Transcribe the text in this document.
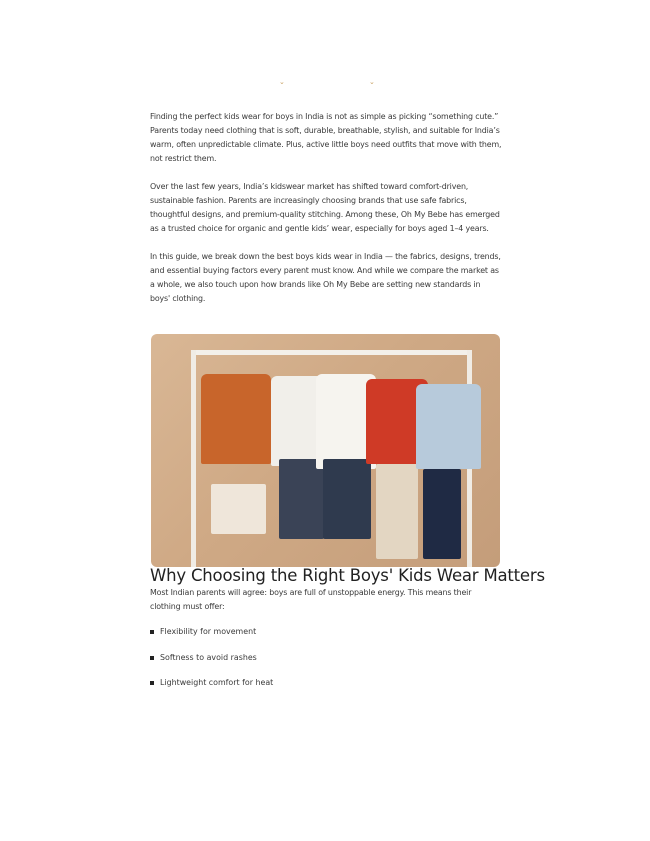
⌄	⌄

Finding the perfect kids wear for boys in India is not as simple as picking “something cute.” Parents today need clothing that is soft, durable, breathable, stylish, and suitable for India’s warm, often unpredictable climate. Plus, active little boys need outfits that move with them, not restrict them.

Over the last few years, India’s kidswear market has shifted toward comfort-driven, sustainable fashion. Parents are increasingly choosing brands that use safe fabrics, thoughtful designs, and premium-quality stitching. Among these, Oh My Bebe has emerged as a trusted choice for organic and gentle kids’ wear, especially for boys aged 1–4 years.

In this guide, we break down the best boys kids wear in India — the fabrics, designs, trends, and essential buying factors every parent must know. And while we compare the market as a whole, we also touch upon how brands like Oh My Bebe are setting new standards in boys' clothing.

Why Choosing the Right Boys' Kids Wear Matters

Most Indian parents will agree: boys are full of unstoppable energy. This means their clothing must offer:

Flexibility for movement
Softness to avoid rashes
Lightweight comfort for heat
